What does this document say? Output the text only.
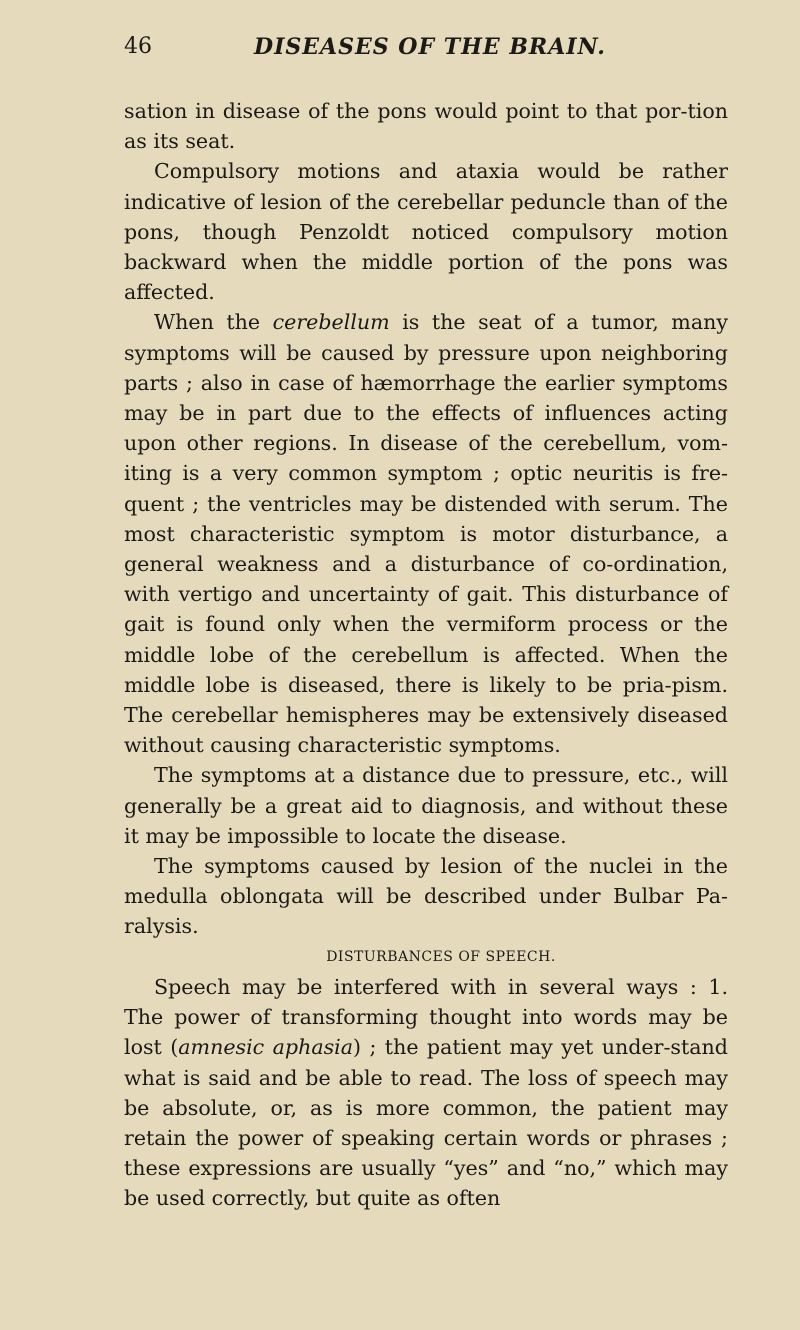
46	DISEASES OF THE BRAIN.

sation in disease of the pons would point to that por-tion as its seat.

Compulsory motions and ataxia would be rather indicative of lesion of the cerebellar peduncle than of the pons, though Penzoldt noticed compulsory motion backward when the middle portion of the pons was affected.

When the cerebellum is the seat of a tumor, many symptoms will be caused by pressure upon neighboring parts ; also in case of hæmorrhage the earlier symptoms may be in part due to the effects of influences acting upon other regions. In disease of the cerebellum, vom-iting is a very common symptom ; optic neuritis is fre-quent ; the ventricles may be distended with serum. The most characteristic symptom is motor disturbance, a general weakness and a disturbance of co-ordination, with vertigo and uncertainty of gait. This disturbance of gait is found only when the vermiform process or the middle lobe of the cerebellum is affected. When the middle lobe is diseased, there is likely to be pria-pism. The cerebellar hemispheres may be extensively diseased without causing characteristic symptoms.

The symptoms at a distance due to pressure, etc., will generally be a great aid to diagnosis, and without these it may be impossible to locate the disease.

The symptoms caused by lesion of the nuclei in the medulla oblongata will be described under Bulbar Pa-ralysis.

DISTURBANCES OF SPEECH.

Speech may be interfered with in several ways : 1. The power of transforming thought into words may be lost (amnesic aphasia) ; the patient may yet under-stand what is said and be able to read. The loss of speech may be absolute, or, as is more common, the patient may retain the power of speaking certain words or phrases ; these expressions are usually “yes” and “no,” which may be used correctly, but quite as often
